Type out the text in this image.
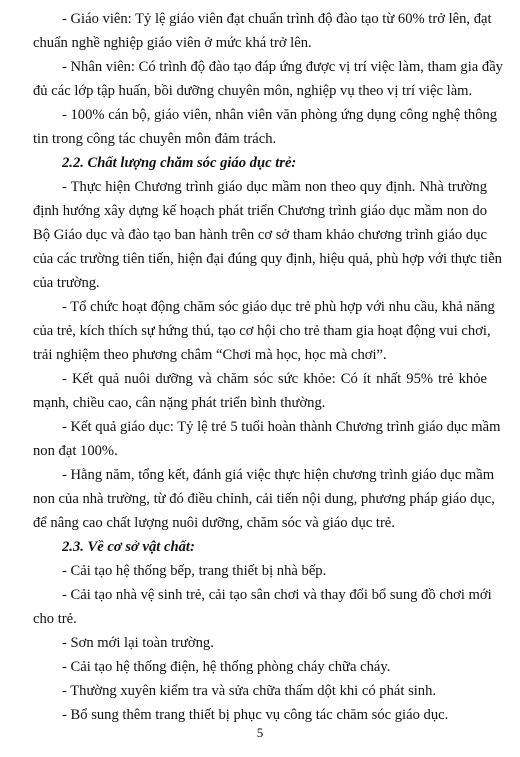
- Giáo viên: Tỷ lệ giáo viên đạt chuẩn trình độ đào tạo từ 60% trở lên, đạt
chuẩn nghề nghiệp giáo viên ở mức khá trở lên.
- Nhân viên: Có trình độ đào tạo đáp ứng được vị trí việc làm, tham gia đầy
đủ các lớp tập huấn, bồi dưỡng chuyên môn, nghiệp vụ theo vị trí việc làm.
- 100% cán bộ, giáo viên, nhân viên văn phòng ứng dụng công nghệ thông
tin trong công tác chuyên môn đảm trách.
2.2. Chất lượng chăm sóc giáo dục trẻ:
- Thực hiện Chương trình giáo dục mầm non theo quy định. Nhà trường
định hướng xây dựng kế hoạch phát triển Chương trình giáo dục mầm non do
Bộ Giáo dục và đào tạo ban hành trên cơ sở tham khảo chương trình giáo dục
của các trường tiên tiến, hiện đại đúng quy định, hiệu quả, phù hợp với thực tiễn
của trường.
- Tổ chức hoạt động chăm sóc giáo dục trẻ phù hợp với nhu cầu, khả năng
của trẻ, kích thích sự hứng thú, tạo cơ hội cho trẻ tham gia hoạt động vui chơi,
trải nghiệm theo phương châm “Chơi mà học, học mà chơi”.
- Kết quả nuôi dưỡng và chăm sóc sức khỏe: Có ít nhất 95% trẻ khỏe
mạnh, chiều cao, cân nặng phát triển bình thường.
- Kết quả giáo dục: Tỷ lệ trẻ 5 tuổi hoàn thành Chương trình giáo dục mầm
non đạt 100%.
- Hằng năm, tổng kết, đánh giá việc thực hiện chương trình giáo dục mầm
non của nhà trường, từ đó điều chỉnh, cải tiến nội dung, phương pháp giáo dục,
để nâng cao chất lượng nuôi dưỡng, chăm sóc và giáo dục trẻ.
2.3. Về cơ sở vật chất:
- Cải tạo hệ thống bếp, trang thiết bị nhà bếp.
- Cải tạo nhà vệ sinh trẻ, cải tạo sân chơi và thay đổi bổ sung đồ chơi mới
cho trẻ.
- Sơn mới lại toàn trường.
- Cải tạo hệ thống điện, hệ thống phòng cháy chữa cháy.
- Thường xuyên kiểm tra và sửa chữa thấm dột khi có phát sinh.
- Bổ sung thêm trang thiết bị phục vụ công tác chăm sóc giáo dục.
5
